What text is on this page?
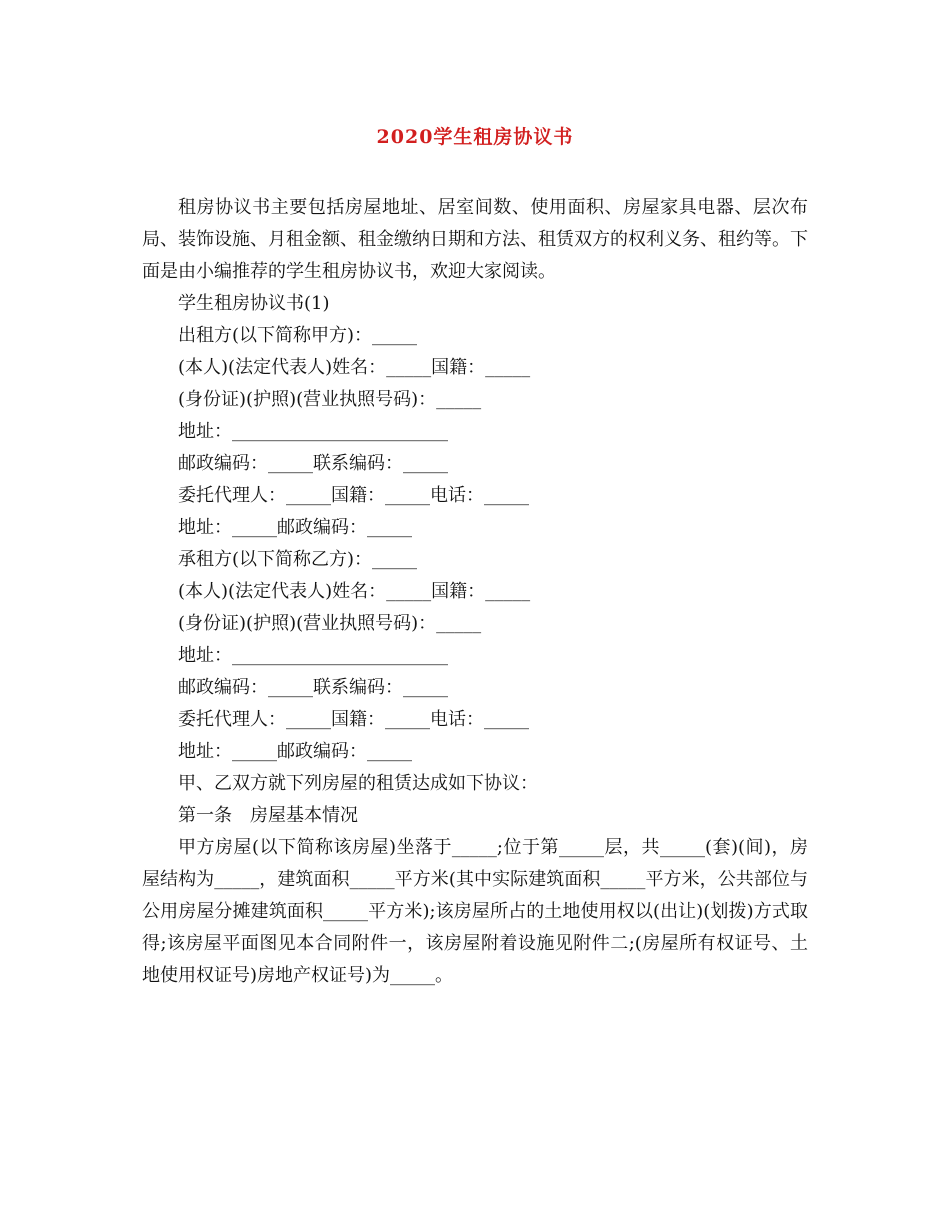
2020学生租房协议书

租房协议书主要包括房屋地址、居室间数、使用面积、房屋家具电器、层次布局、装饰设施、月租金额、租金缴纳日期和方法、租赁双方的权利义务、租约等。下面是由小编推荐的学生租房协议书，欢迎大家阅读。

学生租房协议书(1)

出租方(以下简称甲方)：_____

(本人)(法定代表人)姓名：_____国籍：_____

(身份证)(护照)(营业执照号码)：_____

地址：________________________

邮政编码：_____联系编码：_____

委托代理人：_____国籍：_____电话：_____

地址：_____邮政编码：_____

承租方(以下简称乙方)：_____

(本人)(法定代表人)姓名：_____国籍：_____

(身份证)(护照)(营业执照号码)：_____

地址：________________________

邮政编码：_____联系编码：_____

委托代理人：_____国籍：_____电话：_____

地址：_____邮政编码：_____

甲、乙双方就下列房屋的租赁达成如下协议：

第一条　房屋基本情况

甲方房屋(以下简称该房屋)坐落于_____;位于第_____层，共_____(套)(间)，房屋结构为_____，建筑面积_____平方米(其中实际建筑面积_____平方米，公共部位与公用房屋分摊建筑面积_____平方米);该房屋所占的土地使用权以(出让)(划拨)方式取得;该房屋平面图见本合同附件一，该房屋附着设施见附件二;(房屋所有权证号、土地使用权证号)房地产权证号)为_____。
